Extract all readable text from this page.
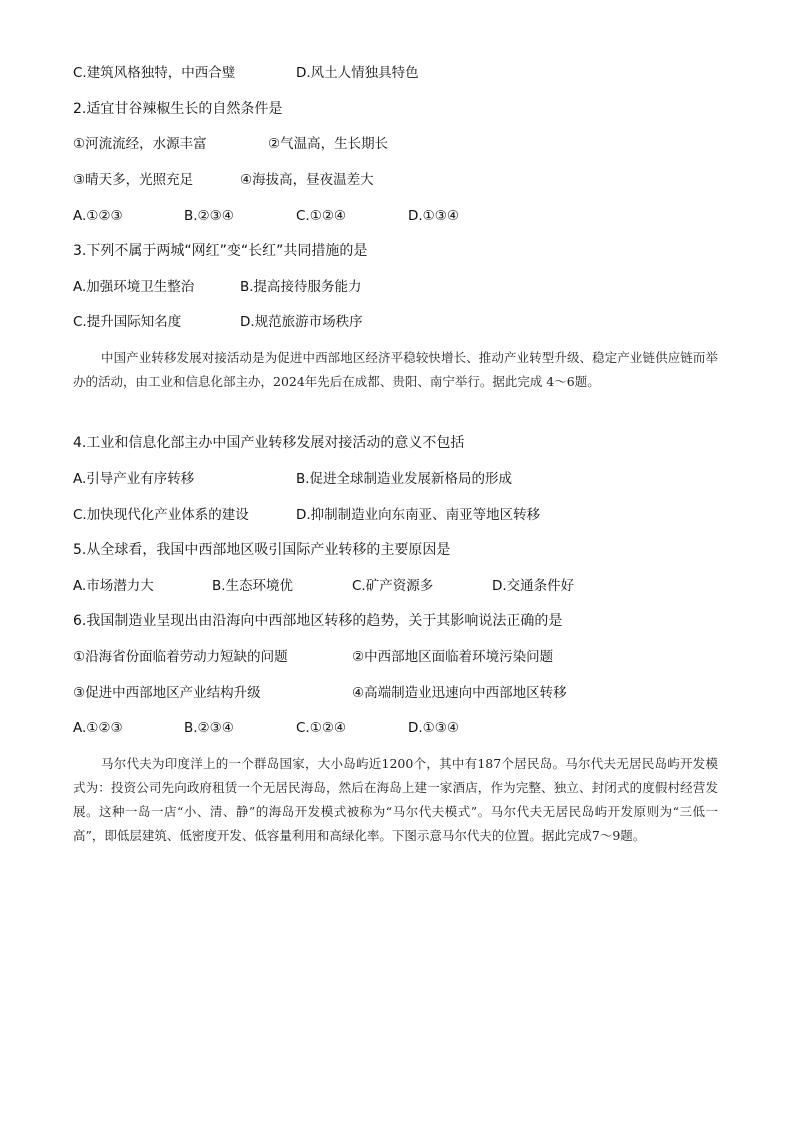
C.建筑风格独特，中西合璧	D.风土人情独具特色
2.适宜甘谷辣椒生长的自然条件是
①河流流经，水源丰富	②气温高，生长期长
③晴天多，光照充足	④海拔高，昼夜温差大
A.①②③	B.②③④	C.①②④	D.①③④
3.下列不属于两城“网红”变“长红”共同措施的是
A.加强环境卫生整治	B.提高接待服务能力
C.提升国际知名度	D.规范旅游市场秩序
中国产业转移发展对接活动是为促进中西部地区经济平稳较快增长、推动产业转型升级、稳定产业链供应链而举办的活动，由工业和信息化部主办，2024年先后在成都、贵阳、南宁举行。据此完成 4～6题。
4.工业和信息化部主办中国产业转移发展对接活动的意义不包括
A.引导产业有序转移	B.促进全球制造业发展新格局的形成
C.加快现代化产业体系的建设	D.抑制制造业向东南亚、南亚等地区转移
5.从全球看，我国中西部地区吸引国际产业转移的主要原因是
A.市场潜力大	B.生态环境优	C.矿产资源多	D.交通条件好
6.我国制造业呈现出由沿海向中西部地区转移的趋势，关于其影响说法正确的是
①沿海省份面临着劳动力短缺的问题	②中西部地区面临着环境污染问题
③促进中西部地区产业结构升级	④高端制造业迅速向中西部地区转移
A.①②③	B.②③④	C.①②④	D.①③④
马尔代夫为印度洋上的一个群岛国家，大小岛屿近1200个，其中有187个居民岛。马尔代夫无居民岛屿开发模式为：投资公司先向政府租赁一个无居民海岛，然后在海岛上建一家酒店，作为完整、独立、封闭式的度假村经营发展。这种一岛一店“小、清、静”的海岛开发模式被称为“马尔代夫模式”。马尔代夫无居民岛屿开发原则为“三低一高”，即低层建筑、低密度开发、低容量利用和高绿化率。下图示意马尔代夫的位置。据此完成7～9题。
